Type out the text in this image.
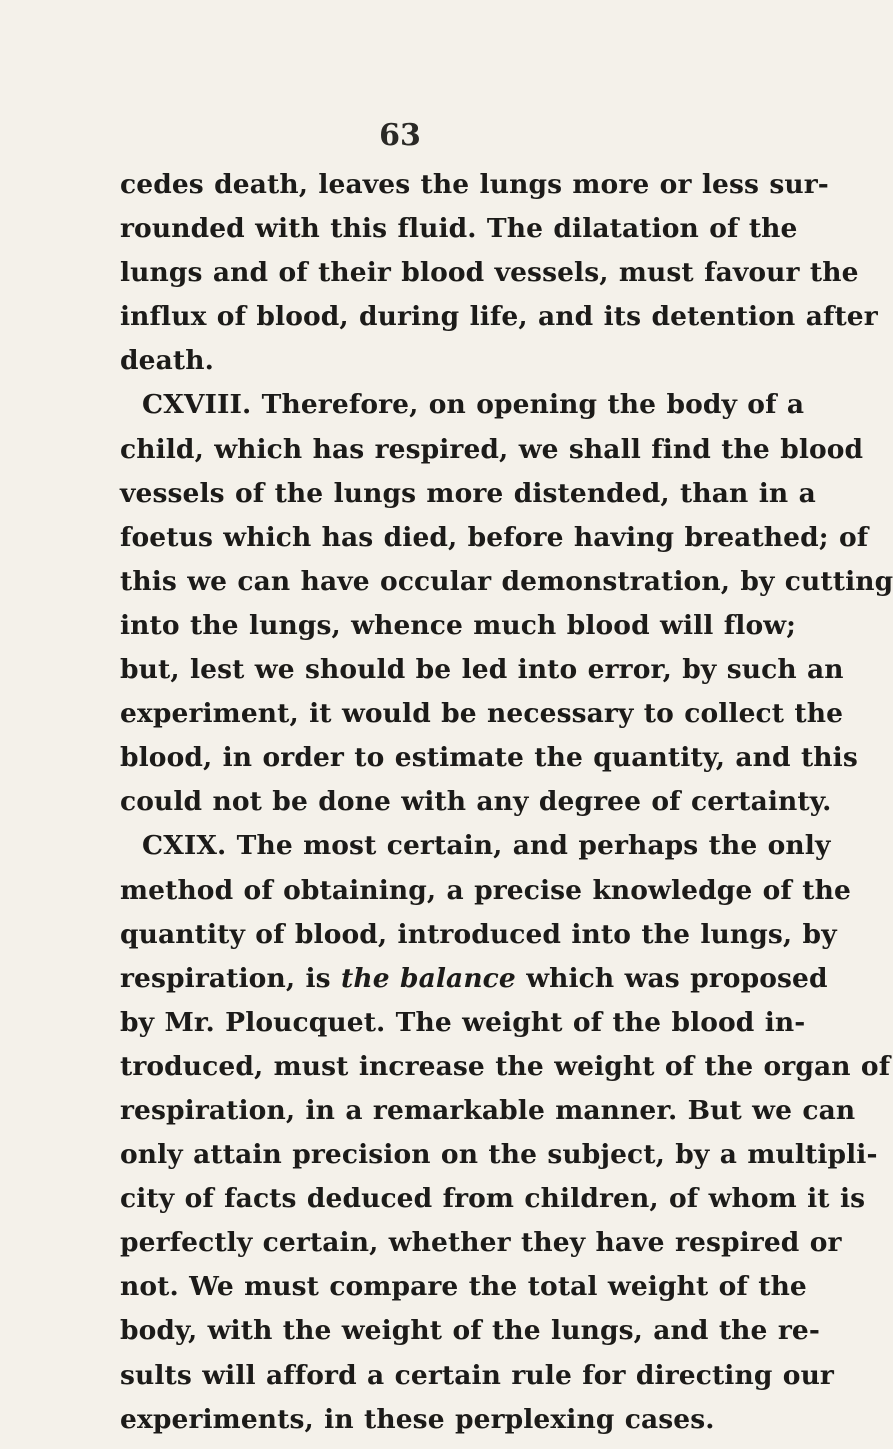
63
cedes death, leaves the lungs more or less sur-
rounded with this fluid. The dilatation of the
lungs and of their blood vessels, must favour the
influx of blood, during life, and its detention after
death.
CXVIII. Therefore, on opening the body of a
child, which has respired, we shall find the blood
vessels of the lungs more distended, than in a
foetus which has died, before having breathed; of
this we can have occular demonstration, by cutting
into the lungs, whence much blood will flow;
but, lest we should be led into error, by such an
experiment, it would be necessary to collect the
blood, in order to estimate the quantity, and this
could not be done with any degree of certainty.
CXIX. The most certain, and perhaps the only
method of obtaining, a precise knowledge of the
quantity of blood, introduced into the lungs, by
respiration, is the balance which was proposed
by Mr. Ploucquet. The weight of the blood in-
troduced, must increase the weight of the organ of
respiration, in a remarkable manner. But we can
only attain precision on the subject, by a multipli-
city of facts deduced from children, of whom it is
perfectly certain, whether they have respired or
not. We must compare the total weight of the
body, with the weight of the lungs, and the re-
sults will afford a certain rule for directing our
experiments, in these perplexing cases.
